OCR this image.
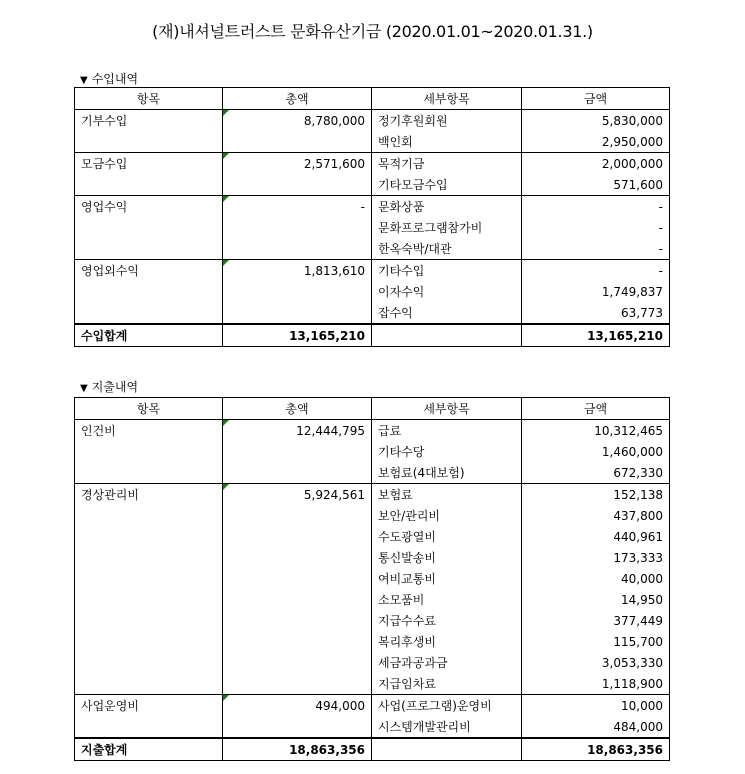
(재)내셔널트러스트 문화유산기금 (2020.01.01~2020.01.31.)
▼ 수입내역
항목	총액	세부항목	금액
기부수입	8,780,000	정기후원회원	5,830,000
		백인회	2,950,000
모금수입	2,571,600	목적기금	2,000,000
		기타모금수입	571,600
영업수익	-	문화상품	-
		문화프로그램참가비	-
		한옥숙박/대관	-
영업외수익	1,813,610	기타수입	-
		이자수익	1,749,837
		잡수익	63,773
수입합계	13,165,210		13,165,210
▼ 지출내역
항목	총액	세부항목	금액
인건비	12,444,795	급료	10,312,465
		기타수당	1,460,000
		보험료(4대보험)	672,330
경상관리비	5,924,561	보험료	152,138
		보안/관리비	437,800
		수도광열비	440,961
		통신발송비	173,333
		여비교통비	40,000
		소모품비	14,950
		지급수수료	377,449
		복리후생비	115,700
		세금과공과금	3,053,330
		지급임차료	1,118,900
사업운영비	494,000	사업(프로그램)운영비	10,000
		시스템개발관리비	484,000
지출합계	18,863,356		18,863,356
